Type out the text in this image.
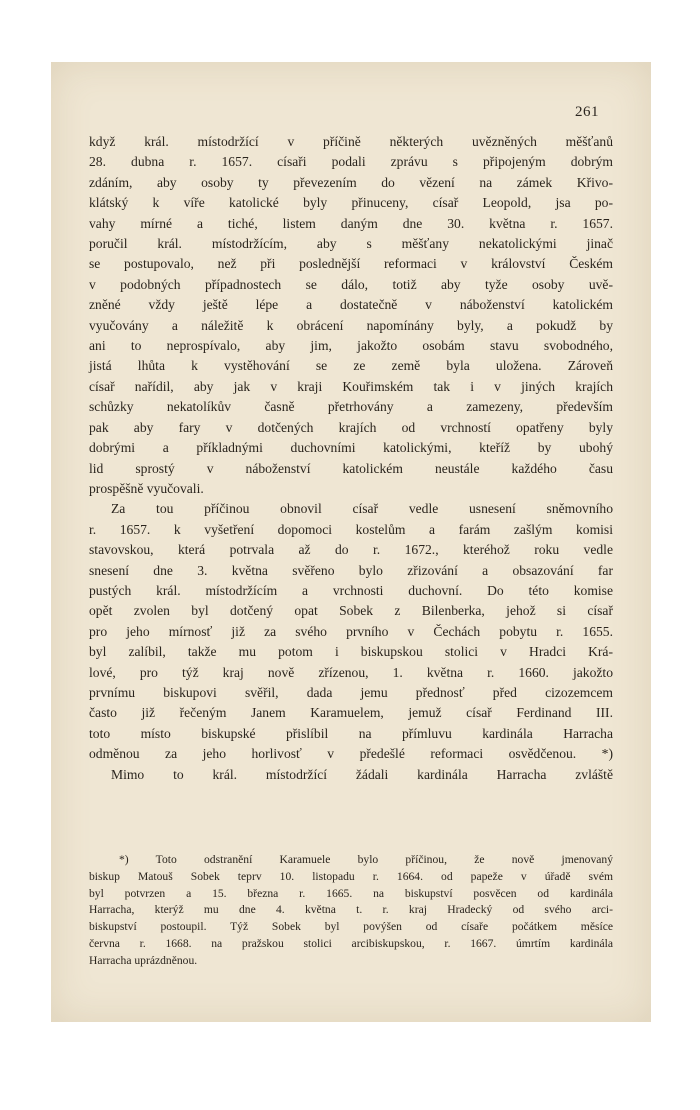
261
když král. místodržící v příčině některých uvězněných měšťanů
28. dubna r. 1657. císaři podali zprávu s připojeným dobrým
zdáním, aby osoby ty převezením do vězení na zámek Křivo-
klátský k víře katolické byly přinuceny, císař Leopold, jsa po-
vahy mírné a tiché, listem daným dne 30. května r. 1657.
poručil král. místodržícím, aby s měšťany nekatolickými jinač
se postupovalo, než při poslednější reformaci v království Českém
v podobných případnostech se dálo, totiž aby tyže osoby uvě-
zněné vždy ještě lépe a dostatečně v náboženství katolickém
vyučovány a náležitě k obrácení napomínány byly, a pokudž by
ani to neprospívalo, aby jim, jakožto osobám stavu svobodného,
jistá lhůta k vystěhování se ze země byla uložena. Zároveň
císař nařídil, aby jak v kraji Kouřimském tak i v jiných krajích
schůzky nekatolíkův časně přetrhovány a zamezeny, především
pak aby fary v dotčených krajích od vrchností opatřeny byly
dobrými a příkladnými duchovními katolickými, kteříž by ubohý
lid sprostý v náboženství katolickém neustále každého času
prospěšně vyučovali.
Za tou příčinou obnovil císař vedle usnesení sněmovního
r. 1657. k vyšetření dopomoci kostelům a farám zašlým komisi
stavovskou, která potrvala až do r. 1672., kteréhož roku vedle
snesení dne 3. května svěřeno bylo zřizování a obsazování far
pustých král. místodržícím a vrchnosti duchovní. Do této komise
opět zvolen byl dotčený opat Sobek z Bilenberka, jehož si císař
pro jeho mírnosť již za svého prvního v Čechách pobytu r. 1655.
byl zalíbil, takže mu potom i biskupskou stolici v Hradci Krá-
lové, pro týž kraj nově zřízenou, 1. května r. 1660. jakožto
prvnímu biskupovi svěřil, dada jemu přednosť před cizozemcem
často již řečeným Janem Karamuelem, jemuž císař Ferdinand III.
toto místo biskupské přislíbil na přímluvu kardinála Harracha
odměnou za jeho horlivosť v předešlé reformaci osvědčenou. *)
Mimo to král. místodržící žádali kardinála Harracha zvláště
*) Toto odstranění Karamuele bylo příčinou, že nově jmenovaný
biskup Matouš Sobek teprv 10. listopadu r. 1664. od papeže v úřadě svém
byl potvrzen a 15. března r. 1665. na biskupství posvěcen od kardinála
Harracha, kterýž mu dne 4. května t. r. kraj Hradecký od svého arci-
biskupství postoupil. Týž Sobek byl povýšen od císaře počátkem měsíce
června r. 1668. na pražskou stolici arcibiskupskou, r. 1667. úmrtím kardinála
Harracha uprázdněnou.
